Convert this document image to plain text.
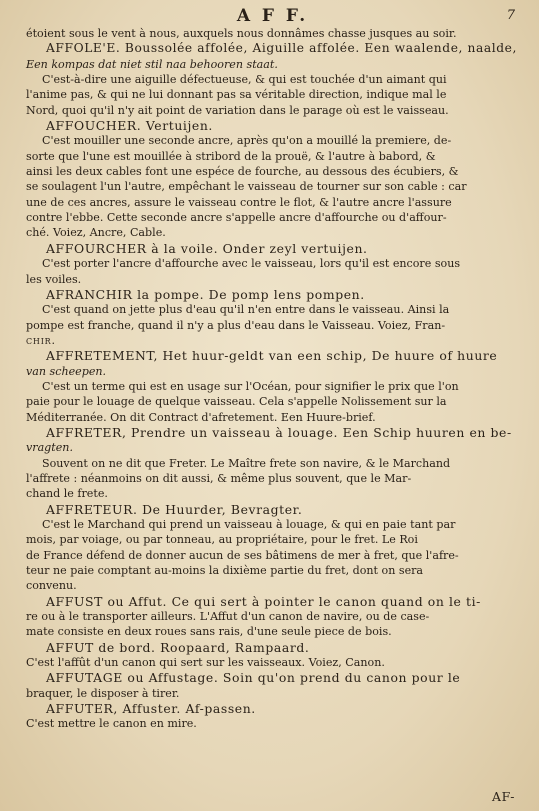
A F F.	7
étoient sous le vent à nous, auxquels nous donnâmes chasse jusques au soir.
AFFOLE'E. Boussolée affolée, Aiguille affolée. Een waalende, naalde,
Een kompas dat niet stil naa behooren staat.
C'est-à-dire une aiguille défectueuse, & qui est touchée d'un aimant qui
l'anime pas, & qui ne lui donnant pas sa véritable direction, indique mal le
Nord, quoi qu'il n'y ait point de variation dans le parage où est le vaisseau.
AFFOUCHER. Vertuijen.
C'est mouiller une seconde ancre, après qu'on a mouillé la premiere, de-
sorte que l'une est mouillée à stribord de la prouë, & l'autre à babord, &
ainsi les deux cables font une espéce de fourche, au dessous des écubiers, &
se soulagent l'un l'autre, empêchant le vaisseau de tourner sur son cable : car
une de ces ancres, assure le vaisseau contre le flot, & l'autre ancre l'assure
contre l'ebbe. Cette seconde ancre s'appelle ancre d'affourche ou d'affour-
ché. Voiez, Ancre, Cable.
AFFOURCHER à la voile. Onder zeyl vertuijen.
C'est porter l'ancre d'affourche avec le vaisseau, lors qu'il est encore sous
les voiles.
AFRANCHIR la pompe. De pomp lens pompen.
C'est quand on jette plus d'eau qu'il n'en entre dans le vaisseau. Ainsi la
pompe est franche, quand il n'y a plus d'eau dans le Vaisseau. Voiez, Fran-
chir.
AFFRETEMENT, Het huur-geldt van een schip, De huure of huure
van scheepen.
C'est un terme qui est en usage sur l'Océan, pour signifier le prix que l'on
paie pour le louage de quelque vaisseau. Cela s'appelle Nolissement sur la
Méditerranée. On dit Contract d'afretement. Een Huure-brief.
AFFRETER, Prendre un vaisseau à louage. Een Schip huuren en be-
vragten.
Souvent on ne dit que Freter. Le Maître frete son navire, & le Marchand
l'affrete : néanmoins on dit aussi, & même plus souvent, que le Mar-
chand le frete.
AFFRETEUR. De Huurder, Bevragter.
C'est le Marchand qui prend un vaisseau à louage, & qui en paie tant par
mois, par voiage, ou par tonneau, au propriétaire, pour le fret. Le Roi
de France défend de donner aucun de ses bâtimens de mer à fret, que l'afre-
teur ne paie comptant au-moins la dixième partie du fret, dont on sera
convenu.
AFFUST ou Affut. Ce qui sert à pointer le canon quand on le ti-
re ou à le transporter ailleurs. L'Affut d'un canon de navire, ou de case-
mate consiste en deux roues sans rais, d'une seule piece de bois.
AFFUT de bord. Roopaard, Rampaard.
C'est l'affût d'un canon qui sert sur les vaisseaux. Voiez, Canon.
AFFUTAGE ou Affustage. Soin qu'on prend du canon pour le
braquer, le disposer à tirer.
AFFUTER, Affuster. Af-passen.
C'est mettre le canon en mire.
AF-
